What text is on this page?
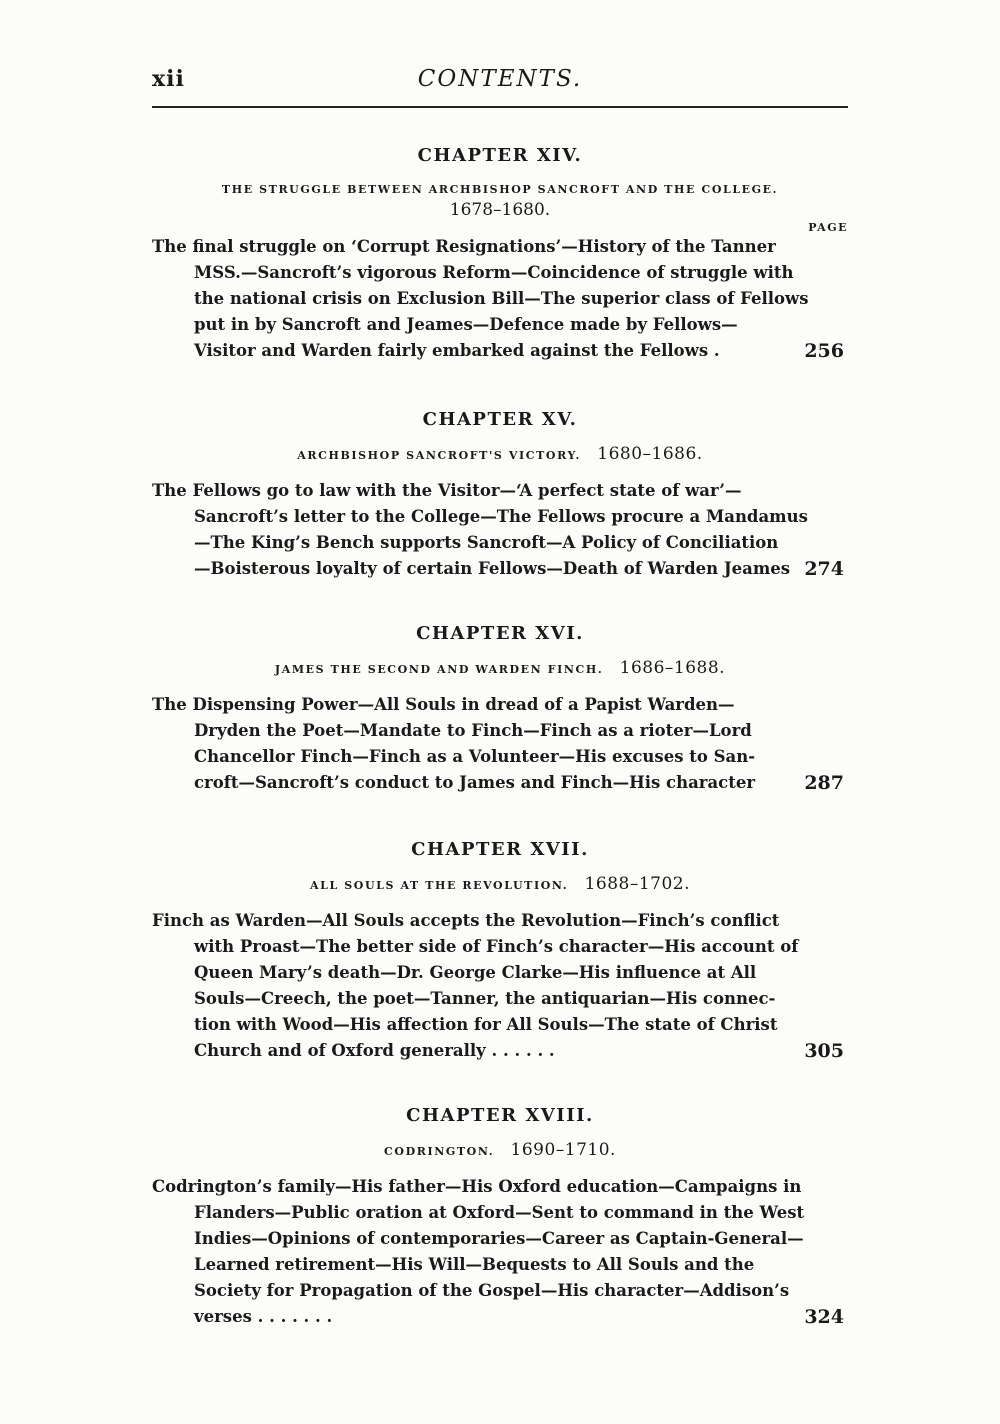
xii	CONTENTS.
CHAPTER XIV.
THE STRUGGLE BETWEEN ARCHBISHOP SANCROFT AND THE COLLEGE.
1678–1680.
PAGE
The final struggle on ‘Corrupt Resignations’—History of the Tanner
MSS.—Sancroft’s vigorous Reform—Coincidence of struggle with
the national crisis on Exclusion Bill—The superior class of Fellows
put in by Sancroft and Jeames—Defence made by Fellows—
Visitor and Warden fairly embarked against the Fellows .	256
CHAPTER XV.
ARCHBISHOP SANCROFT'S VICTORY. 1680–1686.
The Fellows go to law with the Visitor—‘A perfect state of war’—
Sancroft’s letter to the College—The Fellows procure a Mandamus
—The King’s Bench supports Sancroft—A Policy of Conciliation
—Boisterous loyalty of certain Fellows—Death of Warden Jeames 274
CHAPTER XVI.
JAMES THE SECOND AND WARDEN FINCH. 1686–1688.
The Dispensing Power—All Souls in dread of a Papist Warden—
Dryden the Poet—Mandate to Finch—Finch as a rioter—Lord
Chancellor Finch—Finch as a Volunteer—His excuses to San-
croft—Sancroft’s conduct to James and Finch—His character	287
CHAPTER XVII.
ALL SOULS AT THE REVOLUTION. 1688–1702.
Finch as Warden—All Souls accepts the Revolution—Finch’s conflict
with Proast—The better side of Finch’s character—His account of
Queen Mary’s death—Dr. George Clarke—His influence at All
Souls—Creech, the poet—Tanner, the antiquarian—His connec-
tion with Wood—His affection for All Souls—The state of Christ
Church and of Oxford generally . . . . . .	305
CHAPTER XVIII.
CODRINGTON. 1690–1710.
Codrington’s family—His father—His Oxford education—Campaigns in
Flanders—Public oration at Oxford—Sent to command in the West
Indies—Opinions of contemporaries—Career as Captain-General—
Learned retirement—His Will—Bequests to All Souls and the
Society for Propagation of the Gospel—His character—Addison’s
verses . . . . . . .	324
